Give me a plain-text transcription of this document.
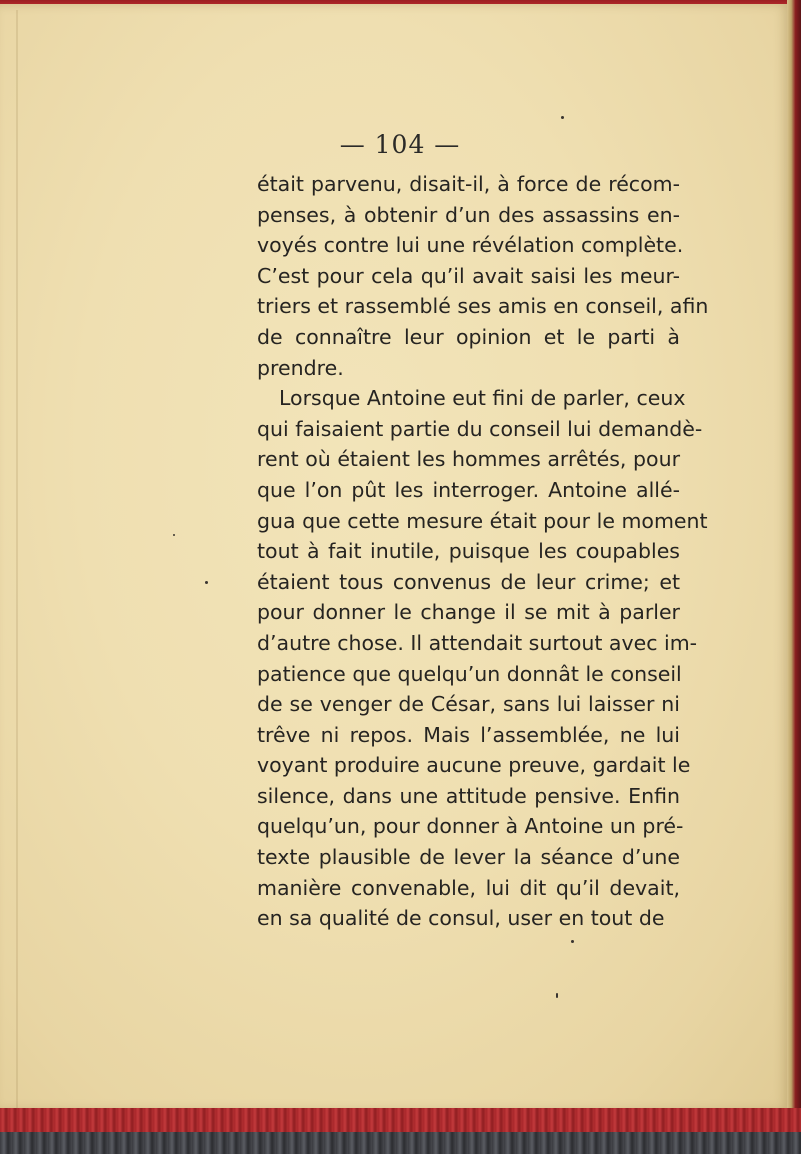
— 104 —
était parvenu, disait-il, à force de récom-
penses, à obtenir d’un des assassins en-
voyés contre lui une révélation complète.
C’est pour cela qu’il avait saisi les meur-
triers et rassemblé ses amis en conseil, afin
de connaître leur opinion et le parti à
prendre.
Lorsque Antoine eut fini de parler, ceux
qui faisaient partie du conseil lui demandè-
rent où étaient les hommes arrêtés, pour
que l’on pût les interroger. Antoine allé-
gua que cette mesure était pour le moment
tout à fait inutile, puisque les coupables
étaient tous convenus de leur crime; et
pour donner le change il se mit à parler
d’autre chose. Il attendait surtout avec im-
patience que quelqu’un donnât le conseil
de se venger de César, sans lui laisser ni
trêve ni repos. Mais l’assemblée, ne lui
voyant produire aucune preuve, gardait le
silence, dans une attitude pensive. Enfin
quelqu’un, pour donner à Antoine un pré-
texte plausible de lever la séance d’une
manière convenable, lui dit qu’il devait,
en sa qualité de consul, user en tout de
